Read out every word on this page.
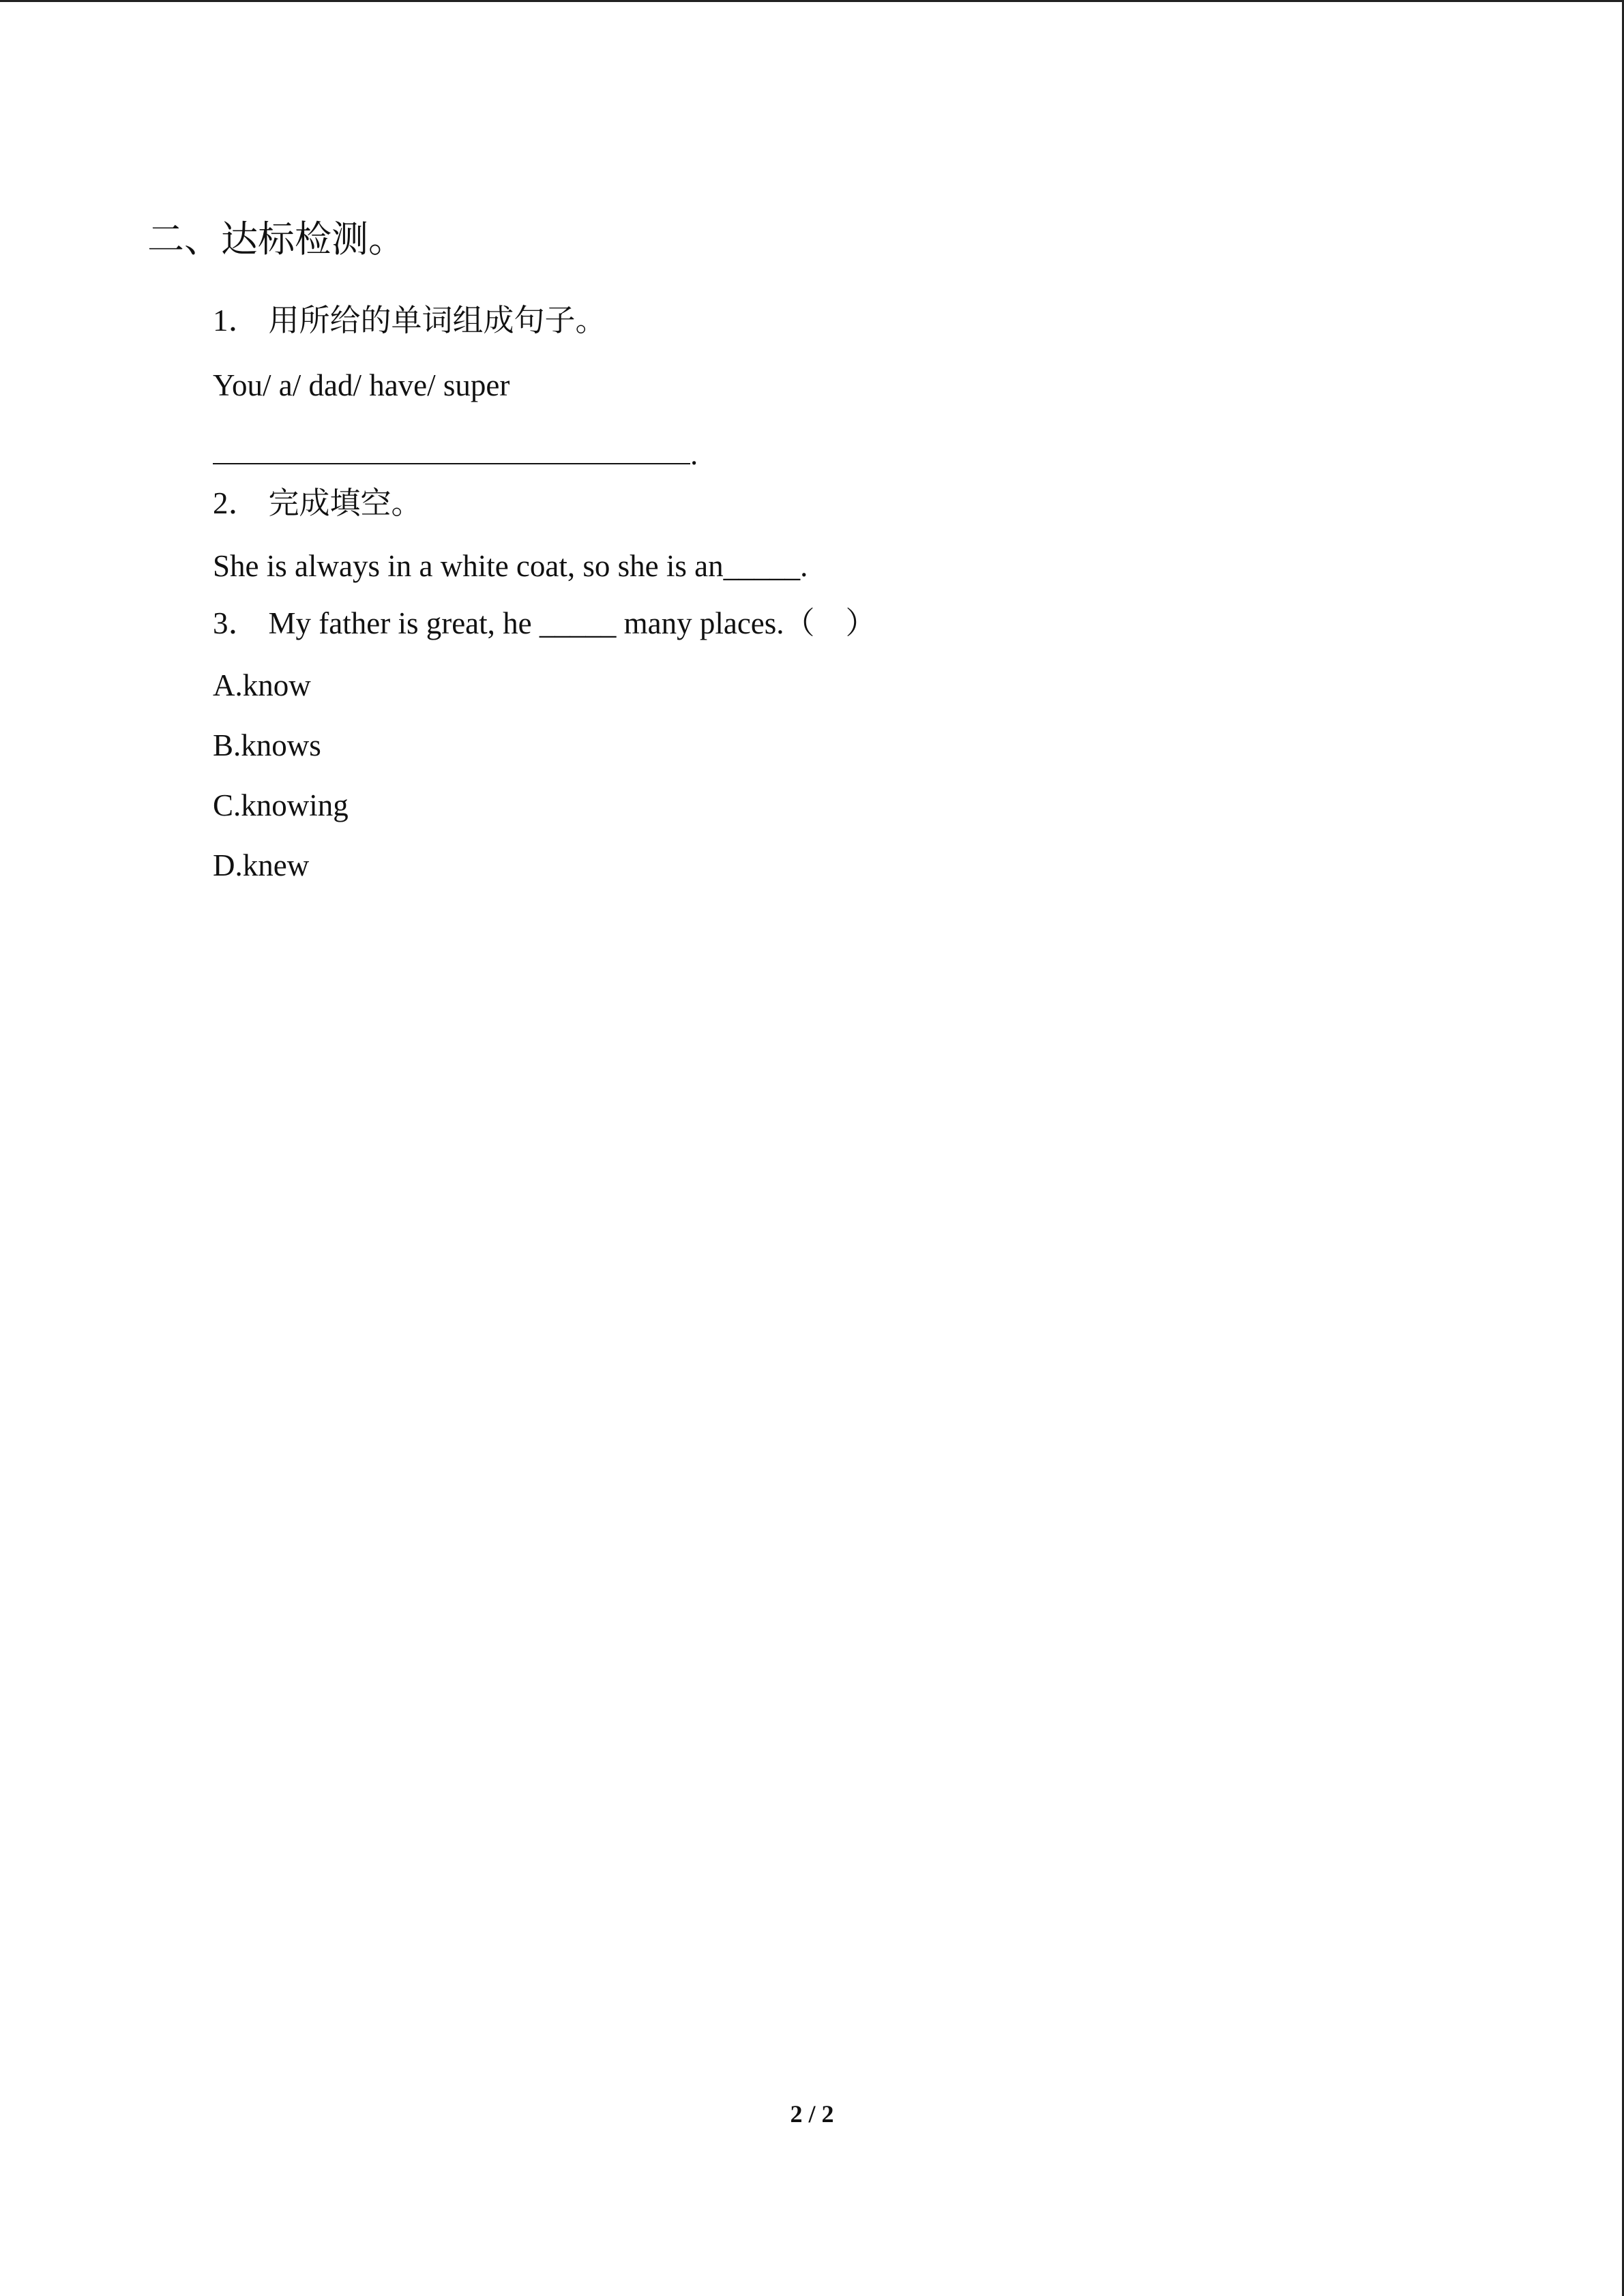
二、达标检测。
1． 用所给的单词组成句子。
You/ a/ dad/ have/ super
.
2． 完成填空。
She is always in a white coat, so she is an_____.
3． My father is great, he _____ many places.（　）
A.know
B.knows
C.knowing
D.knew
2 / 2
